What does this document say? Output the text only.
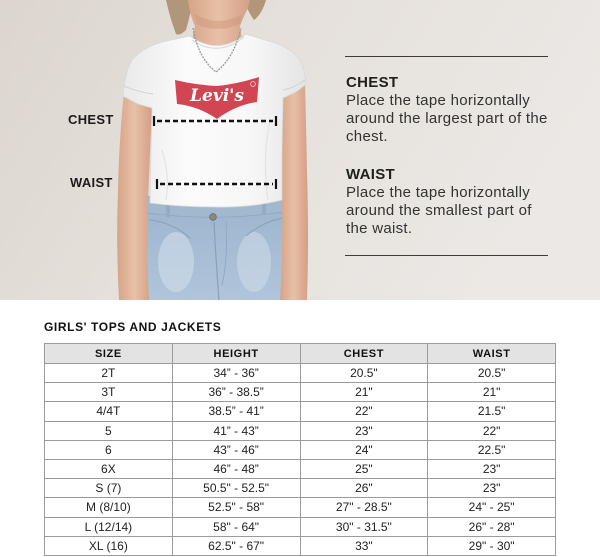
Levi's
CHEST
WAIST
CHEST
Place the tape horizontally
around the largest part of the
chest.
WAIST
Place the tape horizontally
around the smallest part of
the waist.
GIRLS' TOPS AND JACKETS
SIZE	HEIGHT	CHEST	WAIST
2T	34” - 36”	20.5"	20.5"
3T	36” - 38.5”	21"	21"
4/4T	38.5” - 41”	22"	21.5"
5	41” - 43”	23"	22"
6	43” - 46”	24"	22.5"
6X	46” - 48”	25"	23"
S (7)	50.5" - 52.5"	26"	23"
M (8/10)	52.5" - 58"	27" - 28.5"	24" - 25"
L (12/14)	58" - 64"	30" - 31.5"	26" - 28"
XL (16)	62.5" - 67"	33"	29" - 30"
